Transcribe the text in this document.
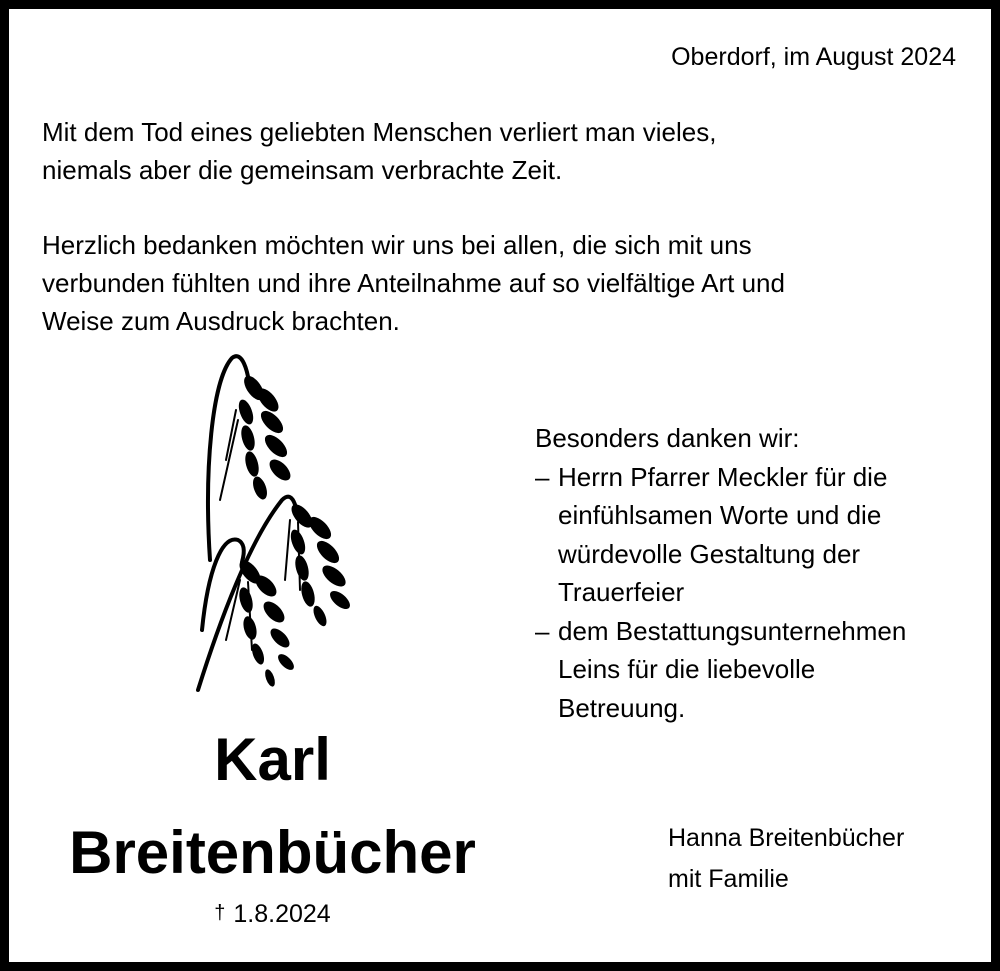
Oberdorf, im August 2024
Mit dem Tod eines geliebten Menschen verliert man vieles,
niemals aber die gemeinsam verbrachte Zeit.
Herzlich bedanken möchten wir uns bei allen, die sich mit uns
verbunden fühlten und ihre Anteilnahme auf so vielfältige Art und
Weise zum Ausdruck brachten.
Besonders danken wir:
– Herrn Pfarrer Meckler für die
einfühlsamen Worte und die
würdevolle Gestaltung der
Trauerfeier
– dem Bestattungsunternehmen
Leins für die liebevolle
Betreuung.
Karl
Breitenbücher
† 1.8.2024
Hanna Breitenbücher
mit Familie
